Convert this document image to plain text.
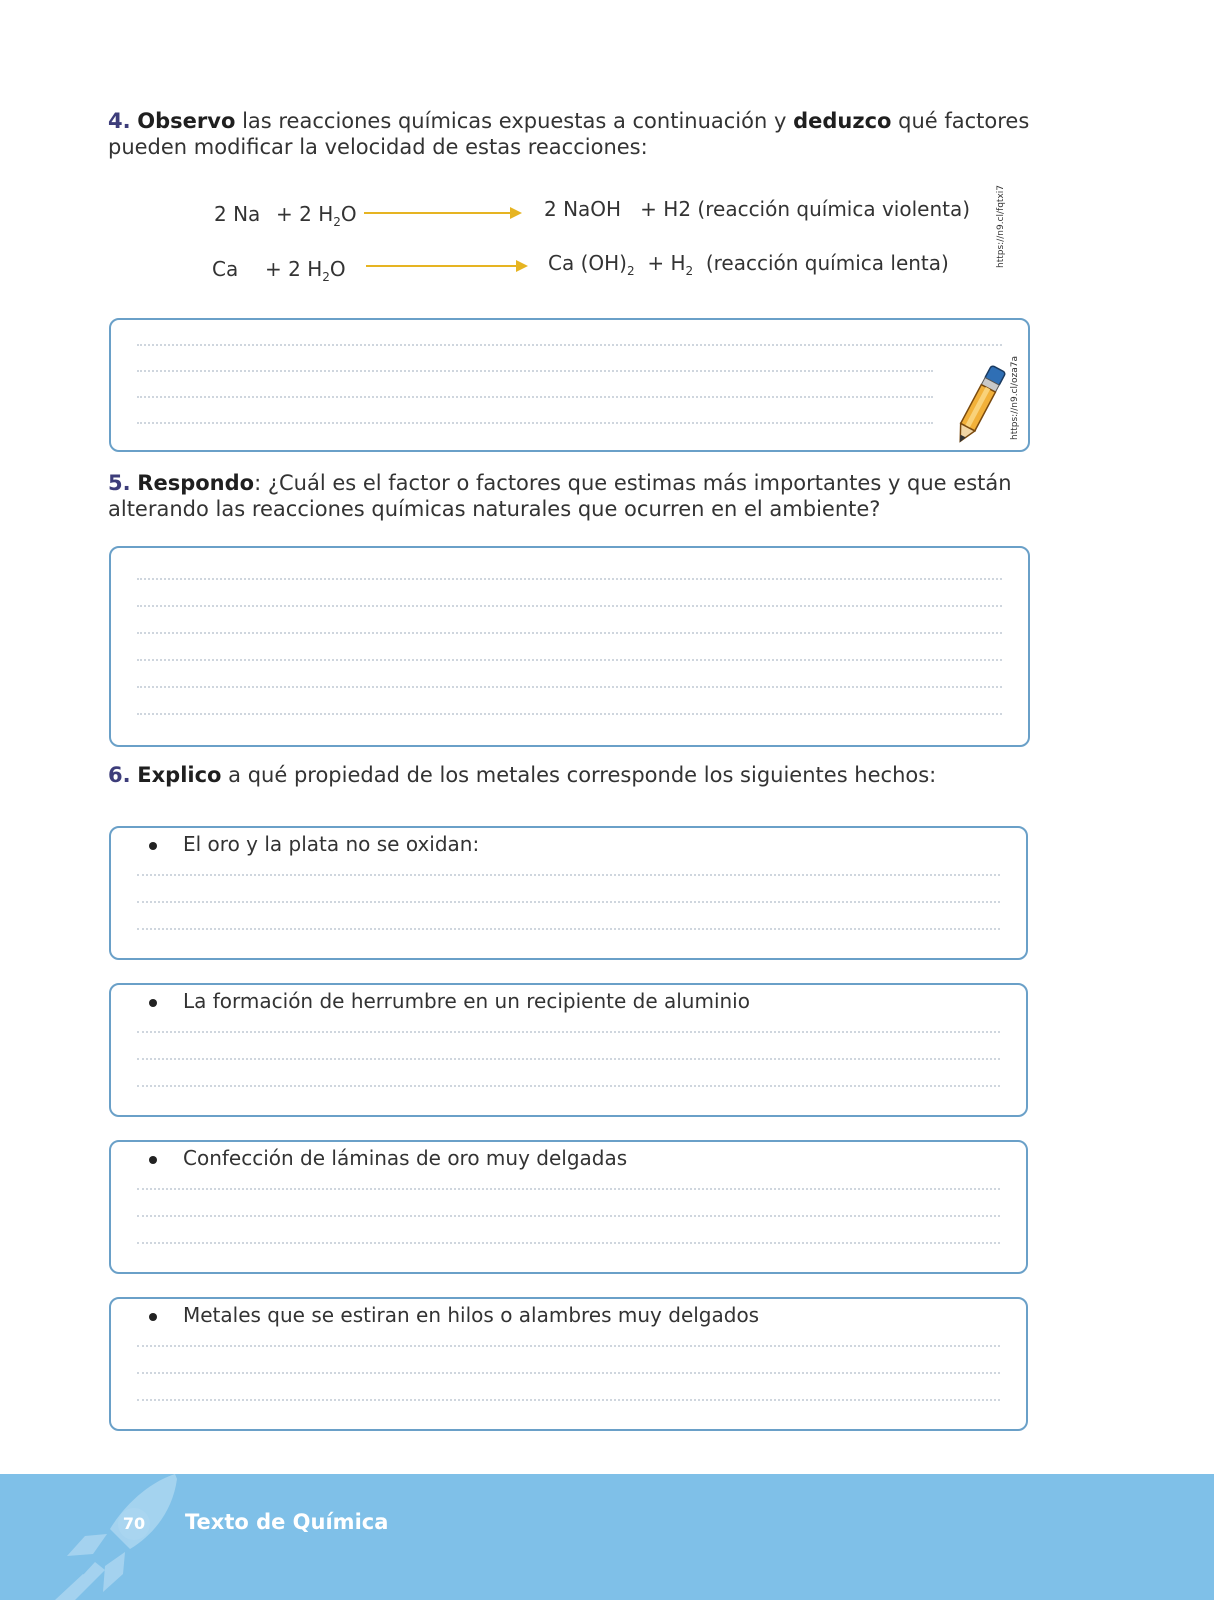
4. Observo las reacciones químicas expuestas a continuación y deduzco qué factores pueden modificar la velocidad de estas reacciones:
2 Na + 2 $H_2O$	2 NaOH + H2 (reacción química violenta)
Ca + 2 $H_2O$	Ca $(OH)_2 + H_2$ (reacción química lenta)	https://n9.cl/fqtxi7
https://n9.cl/oza7a
5. Respondo: ¿Cuál es el factor o factores que estimas más importantes y que están alterando las reacciones químicas naturales que ocurren en el ambiente?
6. Explico a qué propiedad de los metales corresponde los siguientes hechos:
El oro y la plata no se oxidan:
La formación de herrumbre en un recipiente de aluminio
Confección de láminas de oro muy delgadas
Metales que se estiran en hilos o alambres muy delgados
70 Texto de Química
